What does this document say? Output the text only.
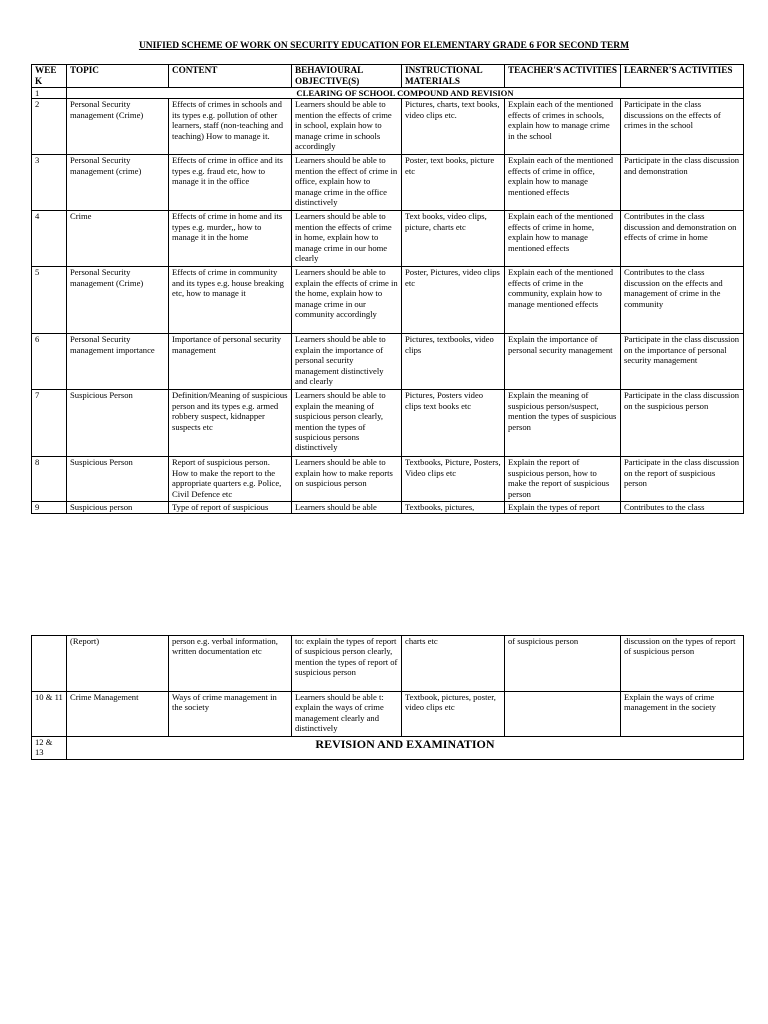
UNIFIED SCHEME OF WORK ON SECURITY EDUCATION FOR ELEMENTARY GRADE 6 FOR SECOND TERM
WEE K	TOPIC	CONTENT	BEHAVIOURAL OBJECTIVE(S)	INSTRUCTIONAL MATERIALS	TEACHER'S ACTIVITIES	LEARNER'S ACTIVITIES
1	CLEARING OF SCHOOL COMPOUND AND REVISION					
2	Personal Security management (Crime)	Effects of crimes in schools and its types e.g. pollution of other learners, staff (non-teaching and teaching) How to manage it.	Learners should be able to mention the effects of crime in school, explain how to manage crime in schools accordingly	Pictures, charts, text books, video clips etc.	Explain each of the mentioned effects of crimes in schools, explain how to manage crime in the school	Participate in the class discussions on the effects of crimes in the school
3	Personal Security management (crime)	Effects of crime in office and its types e.g. fraud etc, how to manage it in the office	Learners should be able to mention the effect of crime in office, explain how to manage crime in the office distinctively	Poster, text books, picture etc	Explain each of the mentioned effects of crime in office, explain how to manage mentioned effects	Participate in the class discussion and demonstration
4	Crime	Effects of crime in home and its types e.g. murder,, how to manage it in the home	Learners should be able to mention the effects of crime in home, explain how to manage crime in our home clearly	Text books, video clips, picture, charts etc	Explain each of the mentioned effects of crime in home, explain how to manage mentioned effects	Contributes in the class discussion and demonstration on effects of crime in home
5	Personal Security management (Crime)	Effects of crime in community and its types e.g. house breaking etc, how to manage it	Learners should be able to explain the effects of crime in the home, explain how to manage crime in our community accordingly	Poster, Pictures, video clips etc	Explain each of the mentioned effects of crime in the community, explain how to manage mentioned effects	Contributes to the class discussion on the effects and management of crime in the community
6	Personal Security management importance	Importance of personal security management	Learners should be able to explain the importance of personal security management distinctively and clearly	Pictures, textbooks, video clips	Explain the importance of personal security management	Participate in the class discussion on the importance of personal security management
7	Suspicious Person	Definition/Meaning of suspicious person and its types e.g. armed robbery suspect, kidnapper suspects etc	Learners should be able to explain the meaning of suspicious person clearly, mention the types of suspicious persons distinctively	Pictures, Posters video clips text books etc	Explain the meaning of suspicious person/suspect, mention the types of suspicious person	Participate in the class discussion on the suspicious person
8	Suspicious Person	Report of suspicious person. How to make the report to the appropriate quarters e.g. Police, Civil Defence etc	Learners should be able to explain how to make reports on suspicious person	Textbooks, Picture, Posters, Video clips etc	Explain the report of suspicious person, how to make the report of suspicious person	Participate in the class discussion on the report of suspicious person
9	Suspicious person	Type of report of suspicious	Learners should be able	Textbooks, pictures,	Explain the types of report	Contributes to the class
	(Report)	person e.g. verbal information, written documentation etc	to: explain the types of report of suspicious person clearly, mention the types of report of suspicious person	charts etc	of suspicious person	discussion on the types of report of suspicious person
10 & 11	Crime Management	Ways of crime management in the society	Learners should be able t: explain the ways of crime management clearly and distinctively	Textbook, pictures, poster, video clips etc		Explain the ways of crime management in the society
12 & 13	REVISION AND EXAMINATION					
